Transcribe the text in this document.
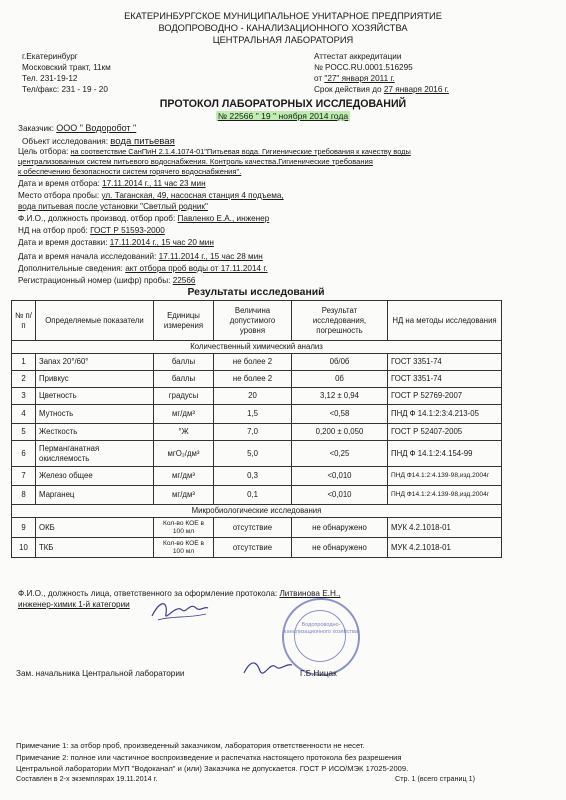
ЕКАТЕРИНБУРГСКОЕ МУНИЦИПАЛЬНОЕ УНИТАРНОЕ ПРЕДПРИЯТИЕ
ВОДОПРОВОДНО - КАНАЛИЗАЦИОННОГО ХОЗЯЙСТВА
ЦЕНТРАЛЬНАЯ ЛАБОРАТОРИЯ
г.Екатеринбург
Московский тракт, 11км
Тел. 231-19-12
Тел/факс: 231 - 19 - 20
Аттестат аккредитации
№ РОСС.RU.0001.516295
от "27" января 2011 г.
Срок действия до 27 января 2016 г.
ПРОТОКОЛ ЛАБОРАТОРНЫХ ИССЛЕДОВАНИЙ
№ 22566 " 19 " ноября 2014 года
Заказчик: ООО " Водоробот "
Объект исследования: вода питьевая
Цель отбора: на соответствие СанПиН 2.1.4.1074-01"Питьевая вода. Гигиенические требования к качеству воды
централизованных систем питьевого водоснабжения. Контроль качества.Гигиенические требования
к обеспечению безопасности систем горячего водоснабжения".
Дата и время отбора: 17.11.2014 г., 11 час 23 мин
Место отбора пробы: ул. Таганская, 49, насосная станция 4 подъема,
вода питьевая после установки "Светлый родник"
Ф.И.О., должность производ. отбор проб: Павленко Е.А., инженер
НД на отбор проб: ГОСТ Р 51593-2000
Дата и время доставки: 17.11.2014 г., 15 час 20 мин
Дата и время начала исследований: 17.11.2014 г., 15 час 28 мин
Дополнительные сведения: акт отбора проб воды от 17.11.2014 г.
Регистрационный номер (шифр) пробы: 22566
Результаты исследований
№ п/п	Определяемые показатели	Единицы измерения	Величина допустимого уровня	Результат исследования, погрешность	НД на методы исследования
Количественный химический анализ					
1	Запах 20°/60°	баллы	не более 2	0б/0б	ГОСТ 3351-74
2	Привкус	баллы	не более 2	0б	ГОСТ 3351-74
3	Цветность	градусы	20	3,12 ± 0,94	ГОСТ Р 52769-2007
4	Мутность	мг/дм³	1,5	<0,58	ПНД Ф 14.1:2:3:4.213-05
5	Жесткость	°Ж	7,0	0,200 ± 0,050	ГОСТ Р 52407-2005
6	Перманганатная окисляемость	мгО₂/дм³	5,0	<0,25	ПНД Ф 14.1:2:4.154-99
7	Железо общее	мг/дм³	0,3	<0,010	ПНД Ф14.1:2:4.139-98,изд.2004г
8	Марганец	мг/дм³	0,1	<0,010	ПНД Ф14.1:2:4.139-98,изд.2004г
Микробиологические исследования					
9	ОКБ	Кол-во КОЕ в 100 мл	отсутствие	не обнаружено	МУК 4.2.1018-01
10	ТКБ	Кол-во КОЕ в 100 мл	отсутствие	не обнаружено	МУК 4.2.1018-01
Ф.И.О., должность лица, ответственного за оформление протокола: Литвинова Е.Н.,
инженер-химик 1-й категории
Водопроводно-канализационного хозяйства
Зам. начальника Центральной лаборатории	Г.Б.Ницак
Примечание 1: за отбор проб, произведенный заказчиком, лаборатория ответственности не несет.
Примечание 2: полное или частичное воспроизведение и распечатка настоящего протокола без разрешения
Центральной лаборатории МУП "Водоканал" и (или) Заказчика не допускается. ГОСТ Р ИСО/МЭК 17025-2009.
Составлен в 2-х экземплярах 19.11.2014 г.	Стр. 1 (всего страниц 1)
